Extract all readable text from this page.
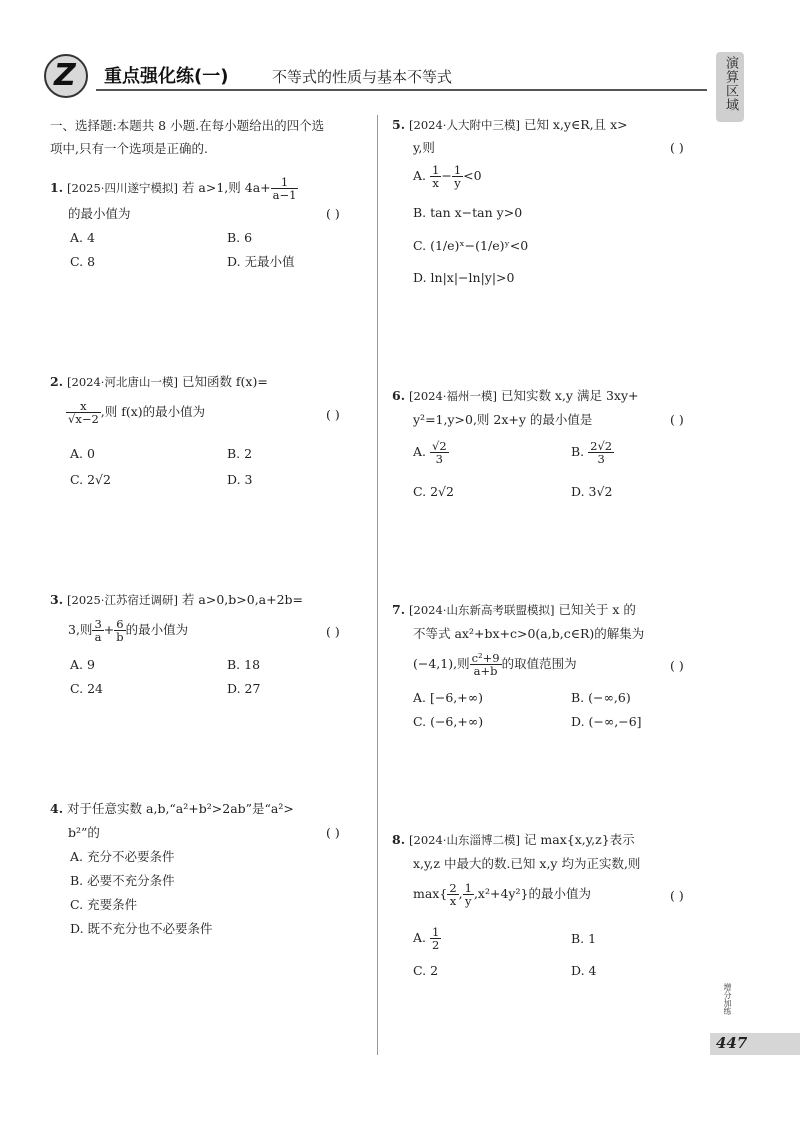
Z 重点强化练(一)	不等式的性质与基本不等式	演算区域
一、选择题:本题共 8 小题.在每小题给出的四个选
项中,只有一个选项是正确的.
1. [2025·四川遂宁模拟] 若 a>1,则 $4a+ \frac{1}{a-1}$
的最小值为	( )
A. 4	B. 6
C. 8	D. 无最小值
2. [2024·河北唐山一模] 已知函数 f(x)=
$\frac{x}{√x-2}$ ,则 f(x)的最小值为	( )
A. 0	B. 2
C. 2√2	D. 3
3. [2025·江苏宿迁调研] 若 a>0,b>0,a+2b=
3,则 $\frac{3}{a} + \frac{6}{b}$ 的最小值为	( )
A. 9	B. 18
C. 24	D. 27
4. 对于任意实数 a,b,“a²+b²>2ab”是“a²>
b²”的	( )
A. 充分不必要条件
B. 必要不充分条件
C. 充要条件
D. 既不充分也不必要条件
5. [2024·人大附中三模] 已知 x,y∈R,且 x>
y,则	( )
A. $\frac{1}{x} - \frac{1}{y} <0$
B. tan x−tan y>0
C. (1/e)ˣ−(1/e)ʸ<0
D. ln|x|−ln|y|>0
6. [2024·福州一模] 已知实数 x,y 满足 3xy+
y²=1,y>0,则 2x+y 的最小值是	( )
A. $\frac{√2}{3}$	B. $\frac{2√2}{3}$
C. 2√2	D. 3√2
7. [2024·山东新高考联盟模拟] 已知关于 x 的
不等式 ax²+bx+c>0(a,b,c∈R)的解集为
(−4,1),则 $\frac{\text{c²+9}}{a+b}$ 的取值范围为	( )
A. [−6,+∞)	B. (−∞,6)
C. (−6,+∞)	D. (−∞,−6]
8. [2024·山东淄博二模] 记 max{x,y,z}表示
x,y,z 中最大的数.已知 x,y 均为正实数,则
$\max\{ \frac{2}{x}$ , $\frac{1}{y} ,x^2+4y^2$}的最小值为	( )
A. $\frac{1}{2}$	B. 1
C. 2	D. 4
增分加练
447
